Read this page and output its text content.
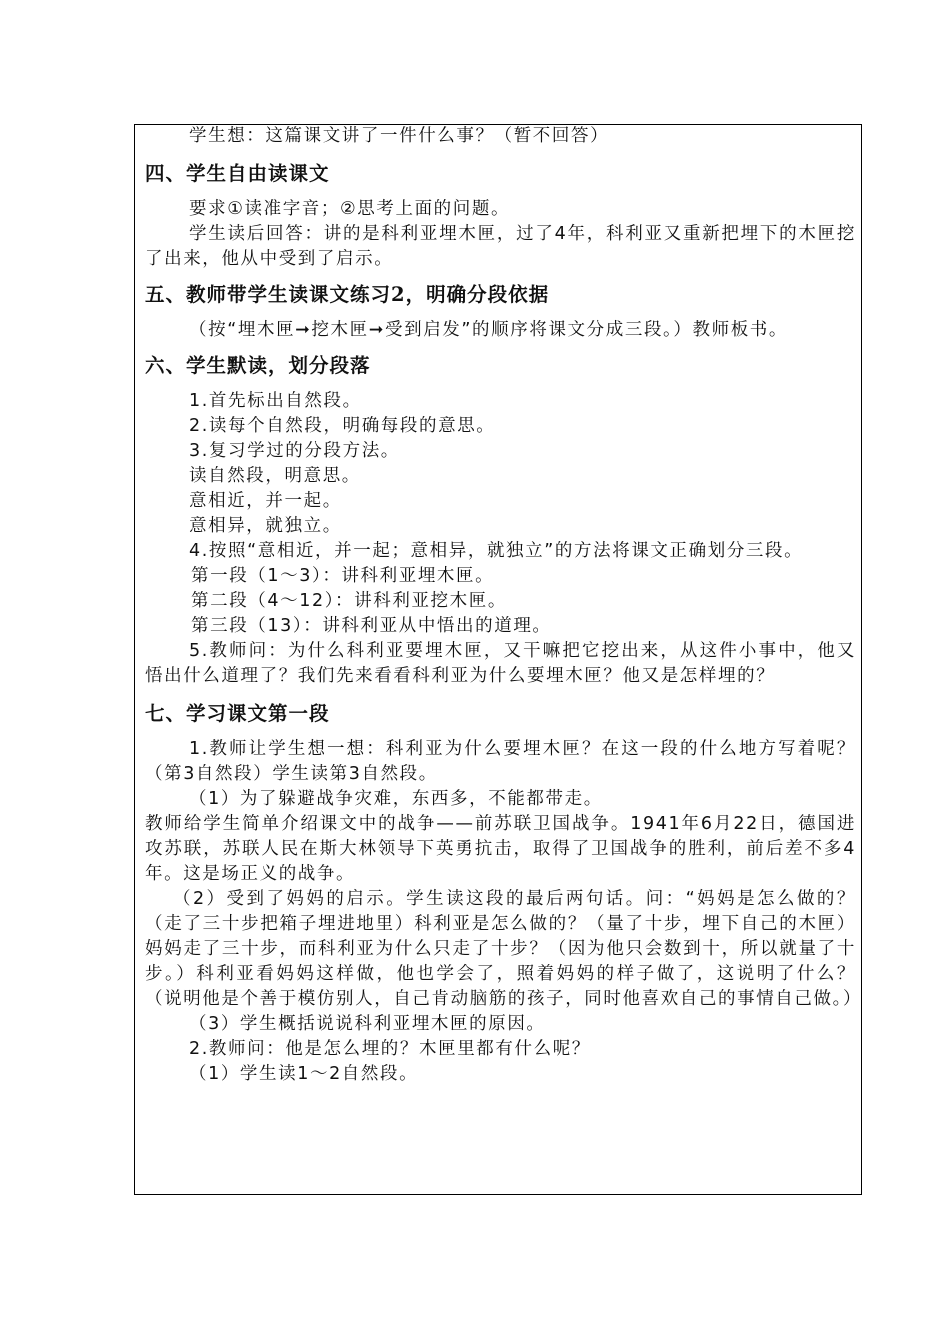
学生想：这篇课文讲了一件什么事？（暂不回答）

四、学生自由读课文

要求①读准字音；②思考上面的问题。

学生读后回答：讲的是科利亚埋木匣，过了4年，科利亚又重新把埋下的木匣挖了出来，他从中受到了启示。

五、教师带学生读课文练习2，明确分段依据

（按“埋木匣➞挖木匣➞受到启发”的顺序将课文分成三段。）教师板书。

六、学生默读，划分段落

1.首先标出自然段。

2.读每个自然段，明确每段的意思。

3.复习学过的分段方法。

读自然段，明意思。

意相近，并一起。

意相异，就独立。

4.按照“意相近，并一起；意相异，就独立”的方法将课文正确划分三段。

第一段（1～3）：讲科利亚埋木匣。

第二段（4～12）：讲科利亚挖木匣。

第三段（13）：讲科利亚从中悟出的道理。

5.教师问：为什么科利亚要埋木匣，又干嘛把它挖出来，从这件小事中，他又悟出什么道理了？我们先来看看科利亚为什么要埋木匣？他又是怎样埋的？

七、学习课文第一段

1.教师让学生想一想：科利亚为什么要埋木匣？在这一段的什么地方写着呢？（第3自然段）学生读第3自然段。

（1）为了躲避战争灾难，东西多，不能都带走。

教师给学生简单介绍课文中的战争——前苏联卫国战争。1941年6月22日，德国进攻苏联，苏联人民在斯大林领导下英勇抗击，取得了卫国战争的胜利，前后差不多4年。这是场正义的战争。

（2）受到了妈妈的启示。学生读这段的最后两句话。问：“妈妈是怎么做的？（走了三十步把箱子埋进地里）科利亚是怎么做的？（量了十步，埋下自己的木匣）妈妈走了三十步，而科利亚为什么只走了十步？（因为他只会数到十，所以就量了十步。）科利亚看妈妈这样做，他也学会了，照着妈妈的样子做了，这说明了什么？（说明他是个善于模仿别人，自己肯动脑筋的孩子，同时他喜欢自己的事情自己做。）

（3）学生概括说说科利亚埋木匣的原因。

2.教师问：他是怎么埋的？木匣里都有什么呢？

（1）学生读1～2自然段。
